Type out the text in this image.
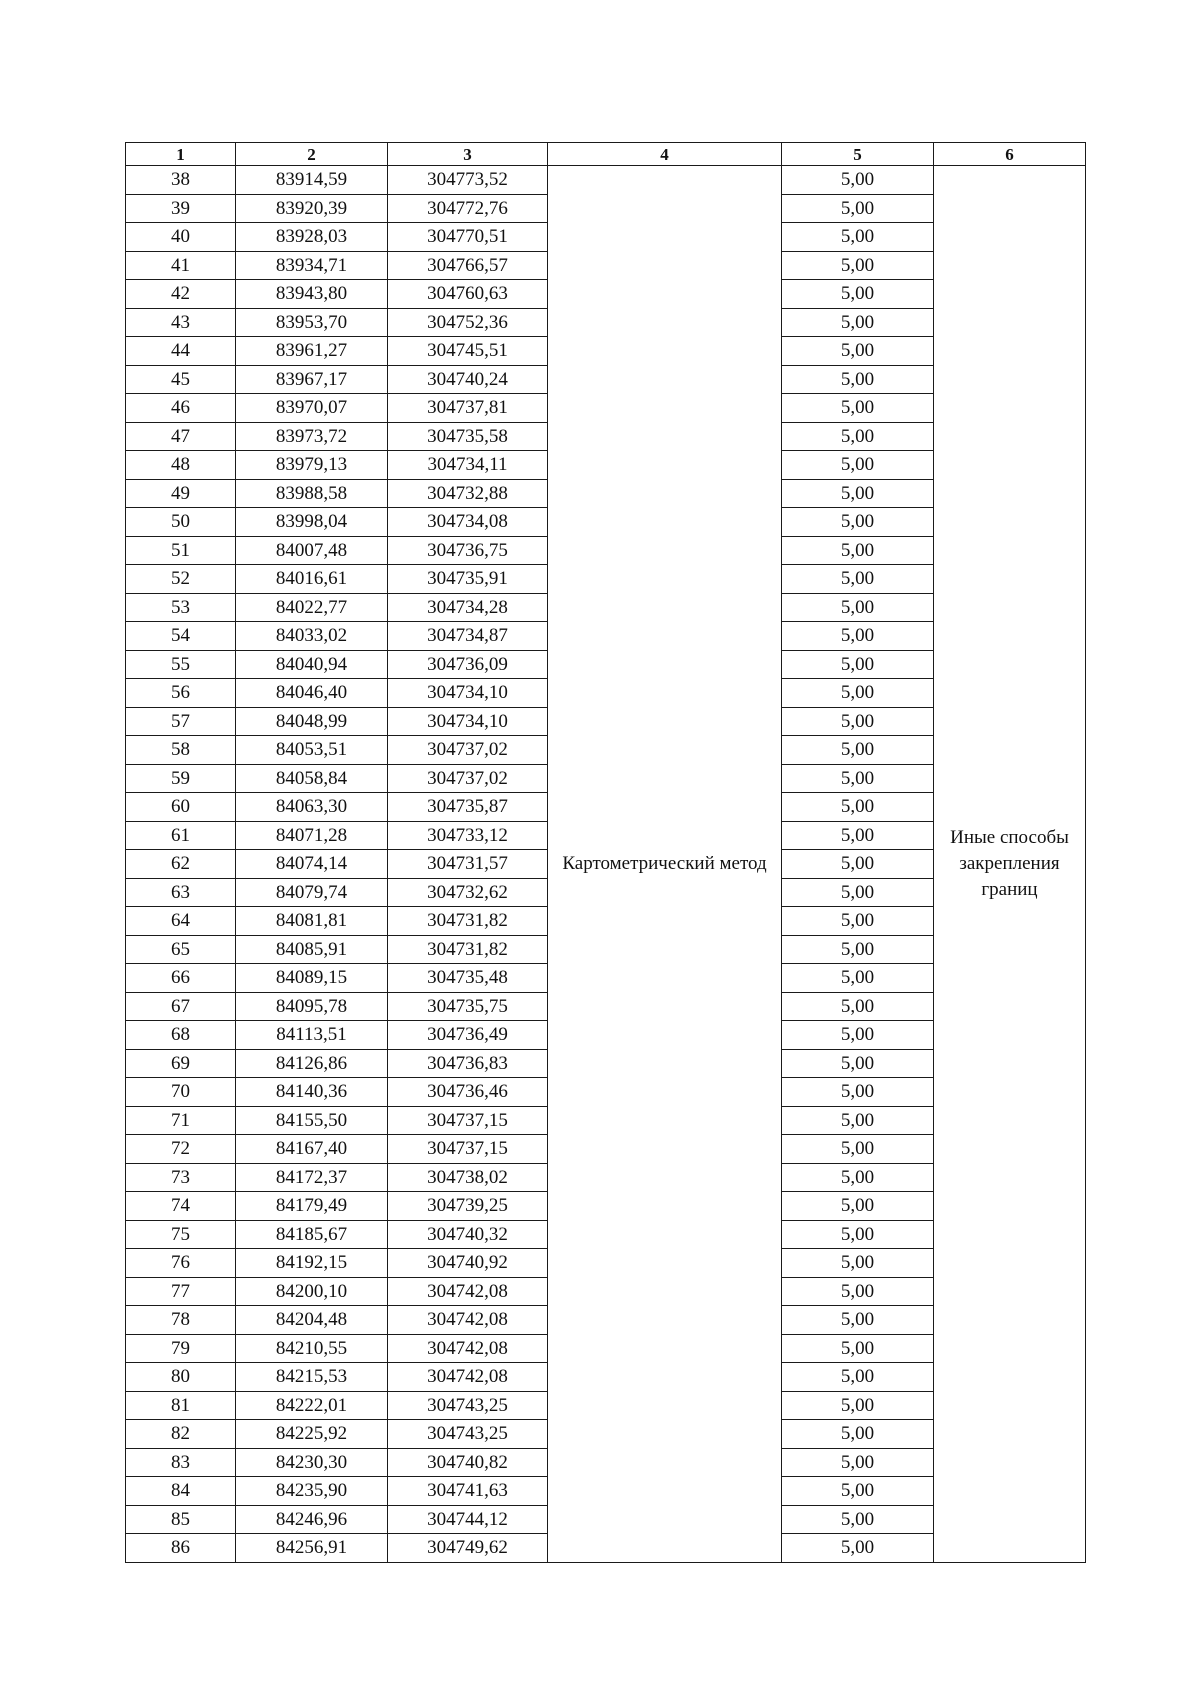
1	2	3	4	5	6
38	83914,59	304773,52	Картометрический метод	5,00	Иные способы закрепления границ
39	83920,39	304772,76		5,00	
40	83928,03	304770,51		5,00	
41	83934,71	304766,57		5,00	
42	83943,80	304760,63		5,00	
43	83953,70	304752,36		5,00	
44	83961,27	304745,51		5,00	
45	83967,17	304740,24		5,00	
46	83970,07	304737,81		5,00	
47	83973,72	304735,58		5,00	
48	83979,13	304734,11		5,00	
49	83988,58	304732,88		5,00	
50	83998,04	304734,08		5,00	
51	84007,48	304736,75		5,00	
52	84016,61	304735,91		5,00	
53	84022,77	304734,28		5,00	
54	84033,02	304734,87		5,00	
55	84040,94	304736,09		5,00	
56	84046,40	304734,10		5,00	
57	84048,99	304734,10		5,00	
58	84053,51	304737,02		5,00	
59	84058,84	304737,02		5,00	
60	84063,30	304735,87		5,00	
61	84071,28	304733,12		5,00	
62	84074,14	304731,57		5,00	
63	84079,74	304732,62		5,00	
64	84081,81	304731,82		5,00	
65	84085,91	304731,82		5,00	
66	84089,15	304735,48		5,00	
67	84095,78	304735,75		5,00	
68	84113,51	304736,49		5,00	
69	84126,86	304736,83		5,00	
70	84140,36	304736,46		5,00	
71	84155,50	304737,15		5,00	
72	84167,40	304737,15		5,00	
73	84172,37	304738,02		5,00	
74	84179,49	304739,25		5,00	
75	84185,67	304740,32		5,00	
76	84192,15	304740,92		5,00	
77	84200,10	304742,08		5,00	
78	84204,48	304742,08		5,00	
79	84210,55	304742,08		5,00	
80	84215,53	304742,08		5,00	
81	84222,01	304743,25		5,00	
82	84225,92	304743,25		5,00	
83	84230,30	304740,82		5,00	
84	84235,90	304741,63		5,00	
85	84246,96	304744,12		5,00	
86	84256,91	304749,62		5,00	
